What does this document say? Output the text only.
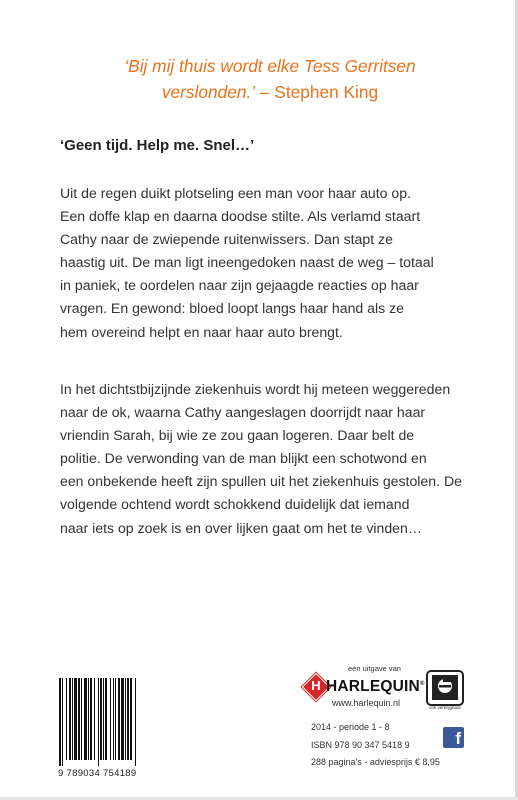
‘Bij mij thuis wordt elke Tess Gerritsen
verslonden.’ – Stephen King
‘Geen tijd. Help me. Snel…’
Uit de regen duikt plotseling een man voor haar auto op.
Een doffe klap en daarna doodse stilte. Als verlamd staart
Cathy naar de zwiepende ruitenwissers. Dan stapt ze
haastig uit. De man ligt ineengedoken naast de weg – totaal
in paniek, te oordelen naar zijn gejaagde reacties op haar
vragen. En gewond: bloed loopt langs haar hand als ze
hem overeind helpt en naar haar auto brengt.
In het dichtstbijzijnde ziekenhuis wordt hij meteen weggereden
naar de ok, waarna Cathy aangeslagen doorrijdt naar haar
vriendin Sarah, bij wie ze zou gaan logeren. Daar belt de
politie. De verwonding van de man blijkt een schotwond en
een onbekende heeft zijn spullen uit het ziekenhuis gestolen. De
volgende ochtend wordt schokkend duidelijk dat iemand
naar iets op zoek is en over lijken gaat om het te vinden…
9 789034 754189
een uitgave van
H HARLEQUIN®
www.harlequin.nl	ook verkrijgbaar
2014 - periode 1 - 8
ISBN 978 90 347 5418 9
288 pagina’s - adviesprijs € 8,95
f
